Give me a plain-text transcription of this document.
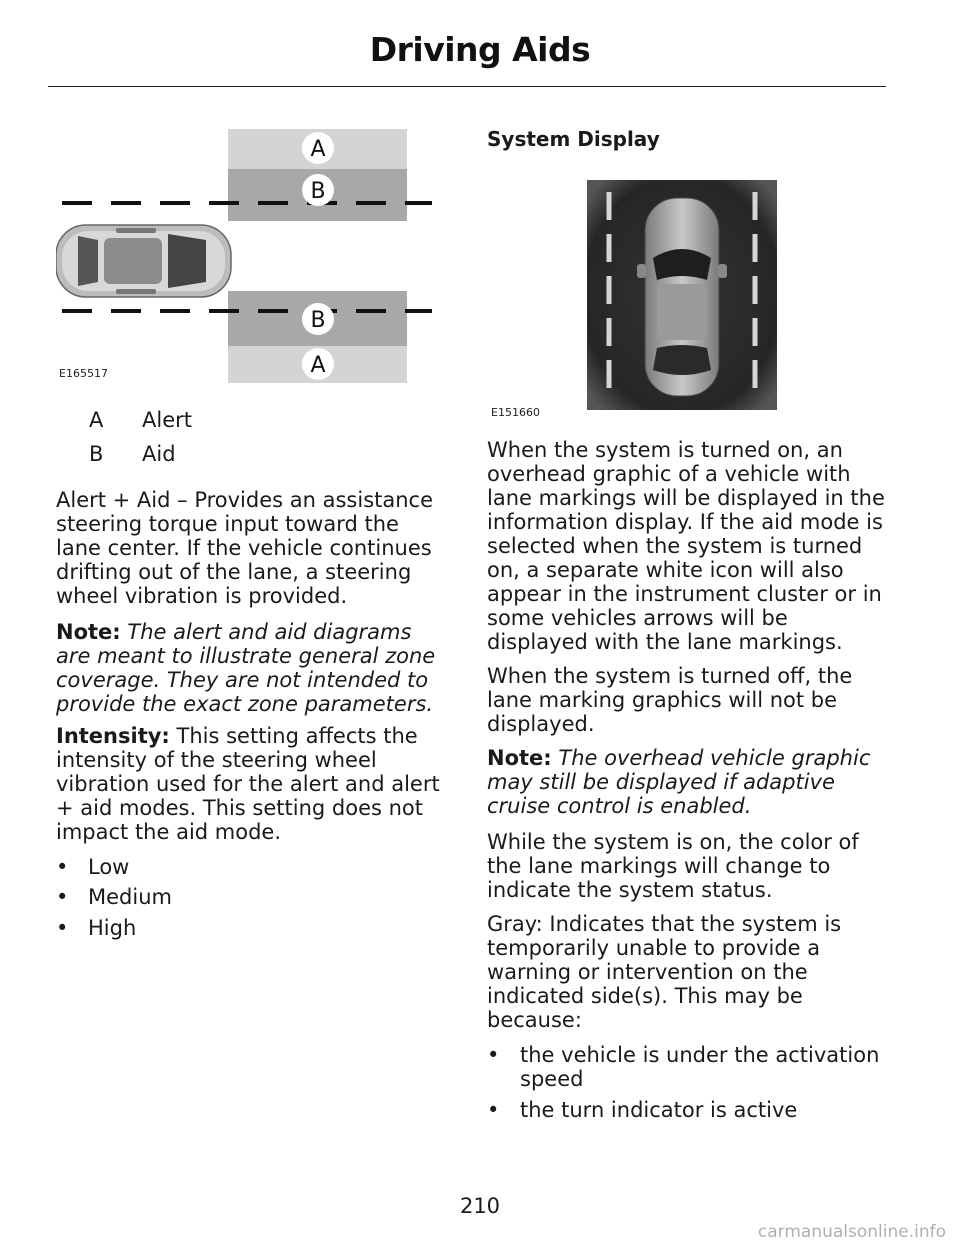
Driving Aids
A
B
B
A
E165517
A Alert
B Aid

Alert + Aid – Provides an assistance steering torque input toward the lane center. If the vehicle continues drifting out of the lane, a steering wheel vibration is provided.

Note: The alert and aid diagrams are meant to illustrate general zone coverage. They are not intended to provide the exact zone parameters.

Intensity: This setting affects the intensity of the steering wheel vibration used for the alert and alert + aid modes. This setting does not impact the aid mode.

• Low
• Medium
• High
System Display
E151660

When the system is turned on, an overhead graphic of a vehicle with lane markings will be displayed in the information display. If the aid mode is selected when the system is turned on, a separate white icon will also appear in the instrument cluster or in some vehicles arrows will be displayed with the lane markings.

When the system is turned off, the lane marking graphics will not be displayed.

Note: The overhead vehicle graphic may still be displayed if adaptive cruise control is enabled.

While the system is on, the color of the lane markings will change to indicate the system status.

Gray: Indicates that the system is temporarily unable to provide a warning or intervention on the indicated side(s). This may be because:

• the vehicle is under the activation speed
• the turn indicator is active
210
carmanualsonline.info
